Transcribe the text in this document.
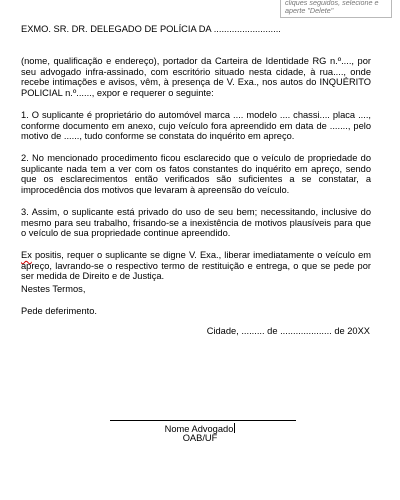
cliques seguidos, selecione e aperte "Delete"

EXMO. SR. DR. DELEGADO DE POLÍCIA DA ..........................

(nome, qualificação e endereço), portador da Carteira de Identidade RG n.º...., por seu advogado infra-assinado, com escritório situado nesta cidade, à rua...., onde recebe intimações e avisos, vêm, à presença de V. Exa., nos autos do INQUÉRITO POLICIAL n.º......, expor e requerer o seguinte:

1. O suplicante é proprietário do automóvel marca .... modelo .... chassi.... placa ...., conforme documento em anexo, cujo veículo fora apreendido em data de ......., pelo motivo de ......, tudo conforme se constata do inquérito em apreço.

2. No mencionado procedimento ficou esclarecido que o veículo de propriedade do suplicante nada tem a ver com os fatos constantes do inquérito em apreço, sendo que os esclarecimentos então verificados são suficientes a se constatar, a improcedência dos motivos que levaram à apreensão do veículo.

3. Assim, o suplicante está privado do uso de seu bem; necessitando, inclusive do mesmo para seu trabalho, frisando-se a inexistência de motivos plausíveis para que o veículo de sua propriedade continue apreendido.

Ex positis, requer o suplicante se digne V. Exa., liberar imediatamente o veículo em apreço, lavrando-se o respectivo termo de restituição e entrega, o que se pede por ser medida de Direito e de Justiça.

Nestes Termos,

Pede deferimento.

Cidade, ......... de .................... de 20XX
Nome Advogado
OAB/UF
